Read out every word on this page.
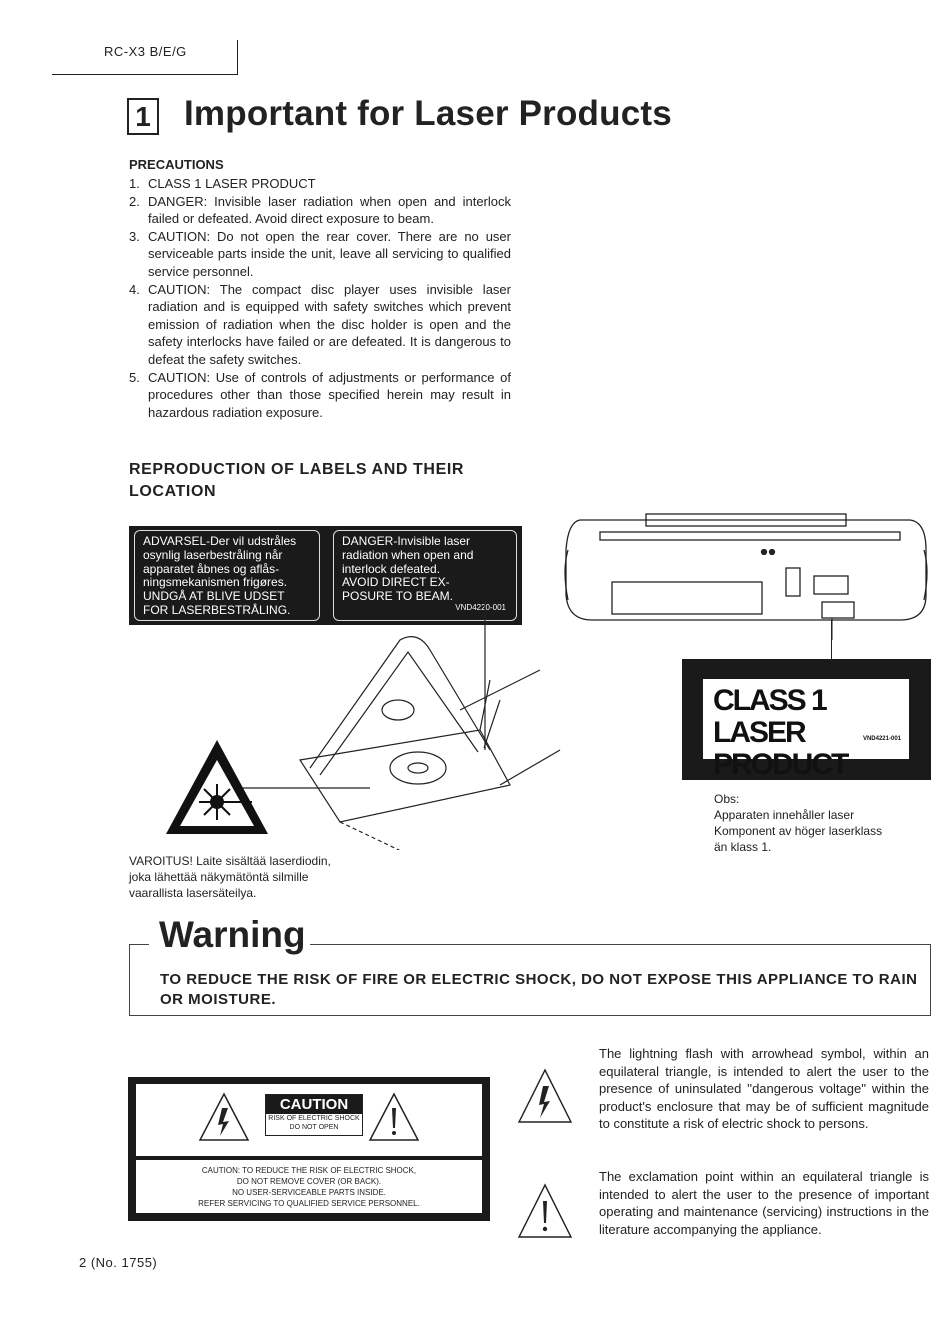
RC-X3 B/E/G
1 Important for Laser Products
PRECAUTIONS
1. CLASS 1 LASER PRODUCT
2. DANGER: Invisible laser radiation when open and interlock failed or defeated. Avoid direct exposure to beam.
3. CAUTION: Do not open the rear cover. There are no user serviceable parts inside the unit, leave all servicing to qualified service personnel.
4. CAUTION: The compact disc player uses invisible laser radiation and is equipped with safety switches which prevent emission of radiation when the disc holder is open and the safety interlocks have failed or are defeated. It is dangerous to defeat the safety switches.
5. CAUTION: Use of controls of adjustments or performance of procedures other than those specified herein may result in hazardous radiation exposure.
REPRODUCTION OF LABELS AND THEIR LOCATION
ADVARSEL-Der vil udstråles
osynlig laserbestråling når
apparatet åbnes og aflås-
ningsmekanismen frigøres.
UNDGÅ AT BLIVE UDSET
FOR LASERBESTRÅLING.
DANGER-Invisible laser
radiation when open and
interlock defeated.
AVOID DIRECT EX-
POSURE TO BEAM.
VND4220-001
CLASS 1
LASER PRODUCT
VND4221-001
Obs:
Apparaten innehåller laser
Komponent av höger laserklass
än klass 1.
VAROITUS! Laite sisältää laserdiodin,
joka lähettää näkymätöntä silmille
vaarallista lasersäteilya.
Warning
TO REDUCE THE RISK OF FIRE OR ELECTRIC SHOCK, DO NOT EXPOSE THIS APPLIANCE TO RAIN OR MOISTURE.
CAUTION
RISK OF ELECTRIC SHOCK
DO NOT OPEN
CAUTION: TO REDUCE THE RISK OF ELECTRIC SHOCK,
DO NOT REMOVE COVER (OR BACK).
NO USER-SERVICEABLE PARTS INSIDE.
REFER SERVICING TO QUALIFIED SERVICE PERSONNEL.
The lightning flash with arrowhead symbol, within an equilateral triangle, is intended to alert the user to the presence of uninsulated ''dangerous voltage'' within the product's enclosure that may be of sufficient magnitude to constitute a risk of electric shock to persons.
The exclamation point within an equilateral triangle is intended to alert the user to the presence of important operating and maintenance (servicing) instructions in the literature accompanying the appliance.
2 (No. 1755)
